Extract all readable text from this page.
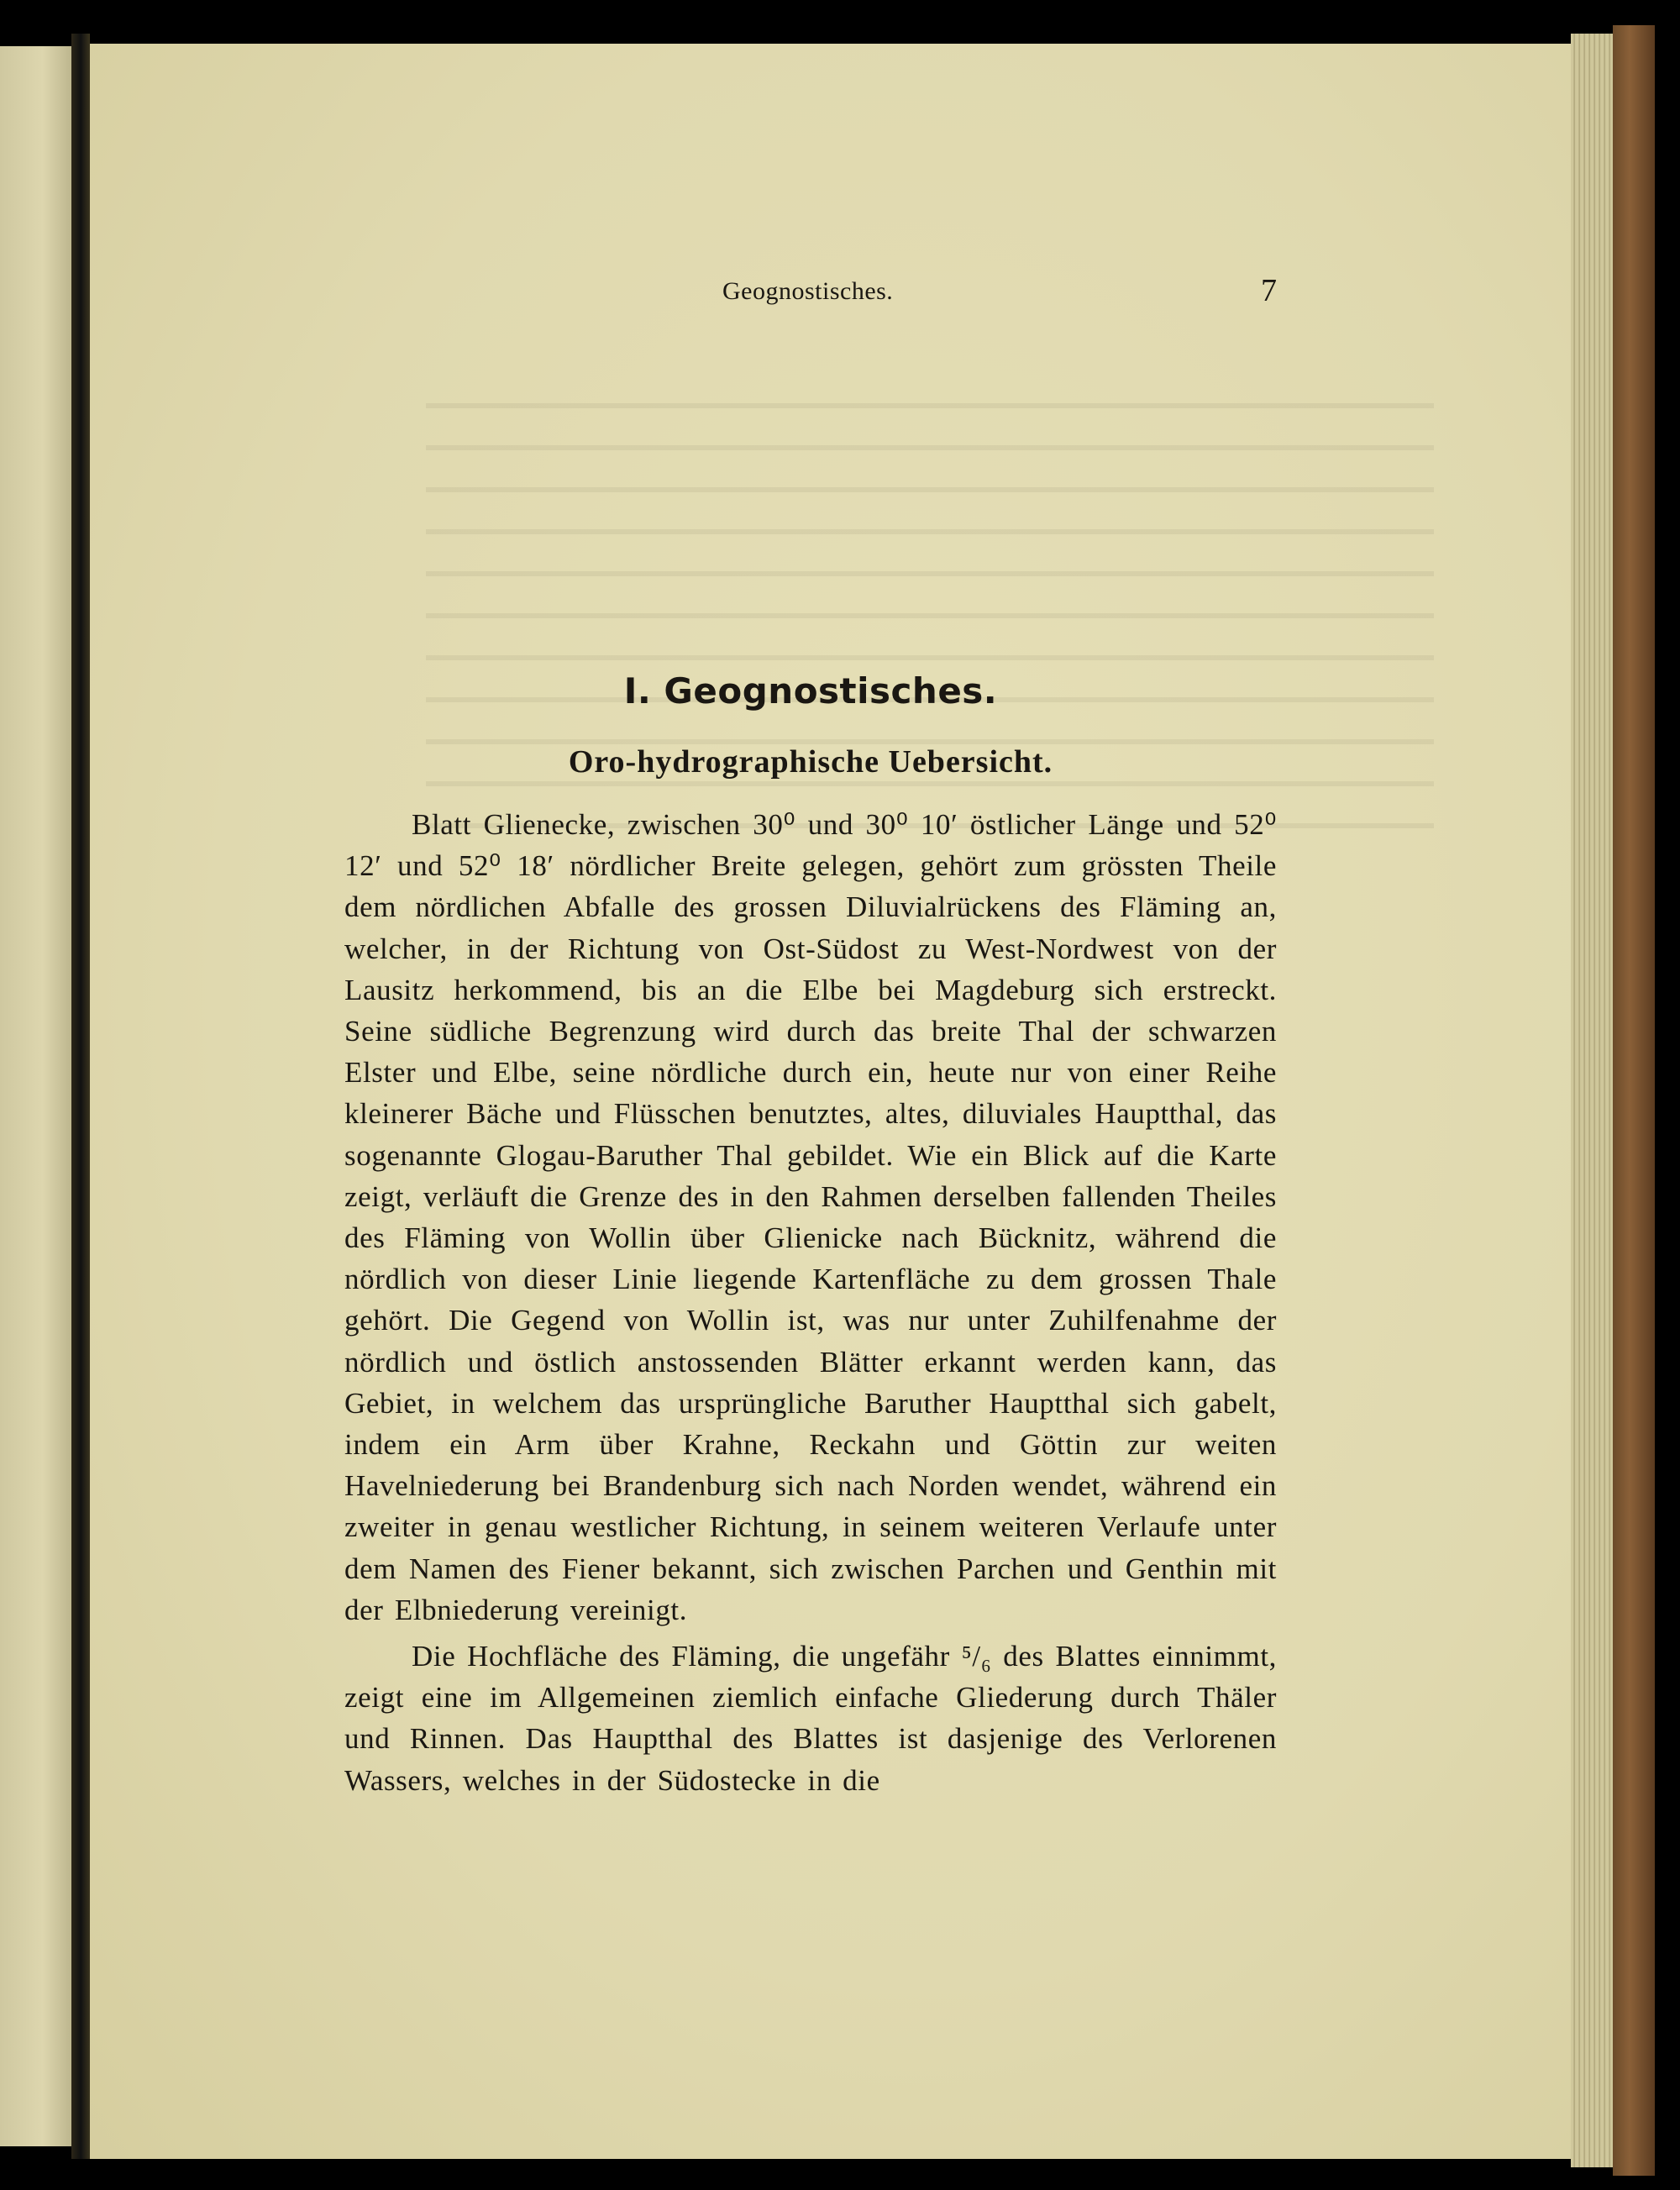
Geognostisches.	7
I. Geognostisches.
Oro-hydrographische Uebersicht.

Blatt Glienecke, zwischen 30⁰ und 30⁰ 10′ östlicher Länge und 52⁰ 12′ und 52⁰ 18′ nördlicher Breite gelegen, gehört zum grössten Theile dem nördlichen Abfalle des grossen Diluvialrückens des Fläming an, welcher, in der Richtung von Ost-Südost zu West-Nordwest von der Lausitz herkommend, bis an die Elbe bei Magdeburg sich erstreckt. Seine südliche Begrenzung wird durch das breite Thal der schwarzen Elster und Elbe, seine nördliche durch ein, heute nur von einer Reihe kleinerer Bäche und Flüsschen benutztes, altes, diluviales Hauptthal, das sogenannte Glogau-Baruther Thal gebildet. Wie ein Blick auf die Karte zeigt, verläuft die Grenze des in den Rahmen derselben fallenden Theiles des Fläming von Wollin über Glienicke nach Bücknitz, während die nördlich von dieser Linie liegende Kartenfläche zu dem grossen Thale gehört. Die Gegend von Wollin ist, was nur unter Zuhilfenahme der nördlich und östlich anstossenden Blätter erkannt werden kann, das Gebiet, in welchem das ursprüngliche Baruther Hauptthal sich gabelt, indem ein Arm über Krahne, Reckahn und Göttin zur weiten Havelniederung bei Brandenburg sich nach Norden wendet, während ein zweiter in genau westlicher Richtung, in seinem weiteren Verlaufe unter dem Namen des Fiener bekannt, sich zwischen Parchen und Genthin mit der Elbniederung vereinigt.

Die Hochfläche des Fläming, die ungefähr ⁵/₆ des Blattes einnimmt, zeigt eine im Allgemeinen ziemlich einfache Gliederung durch Thäler und Rinnen. Das Hauptthal des Blattes ist dasjenige des Verlorenen Wassers, welches in der Südostecke in die
